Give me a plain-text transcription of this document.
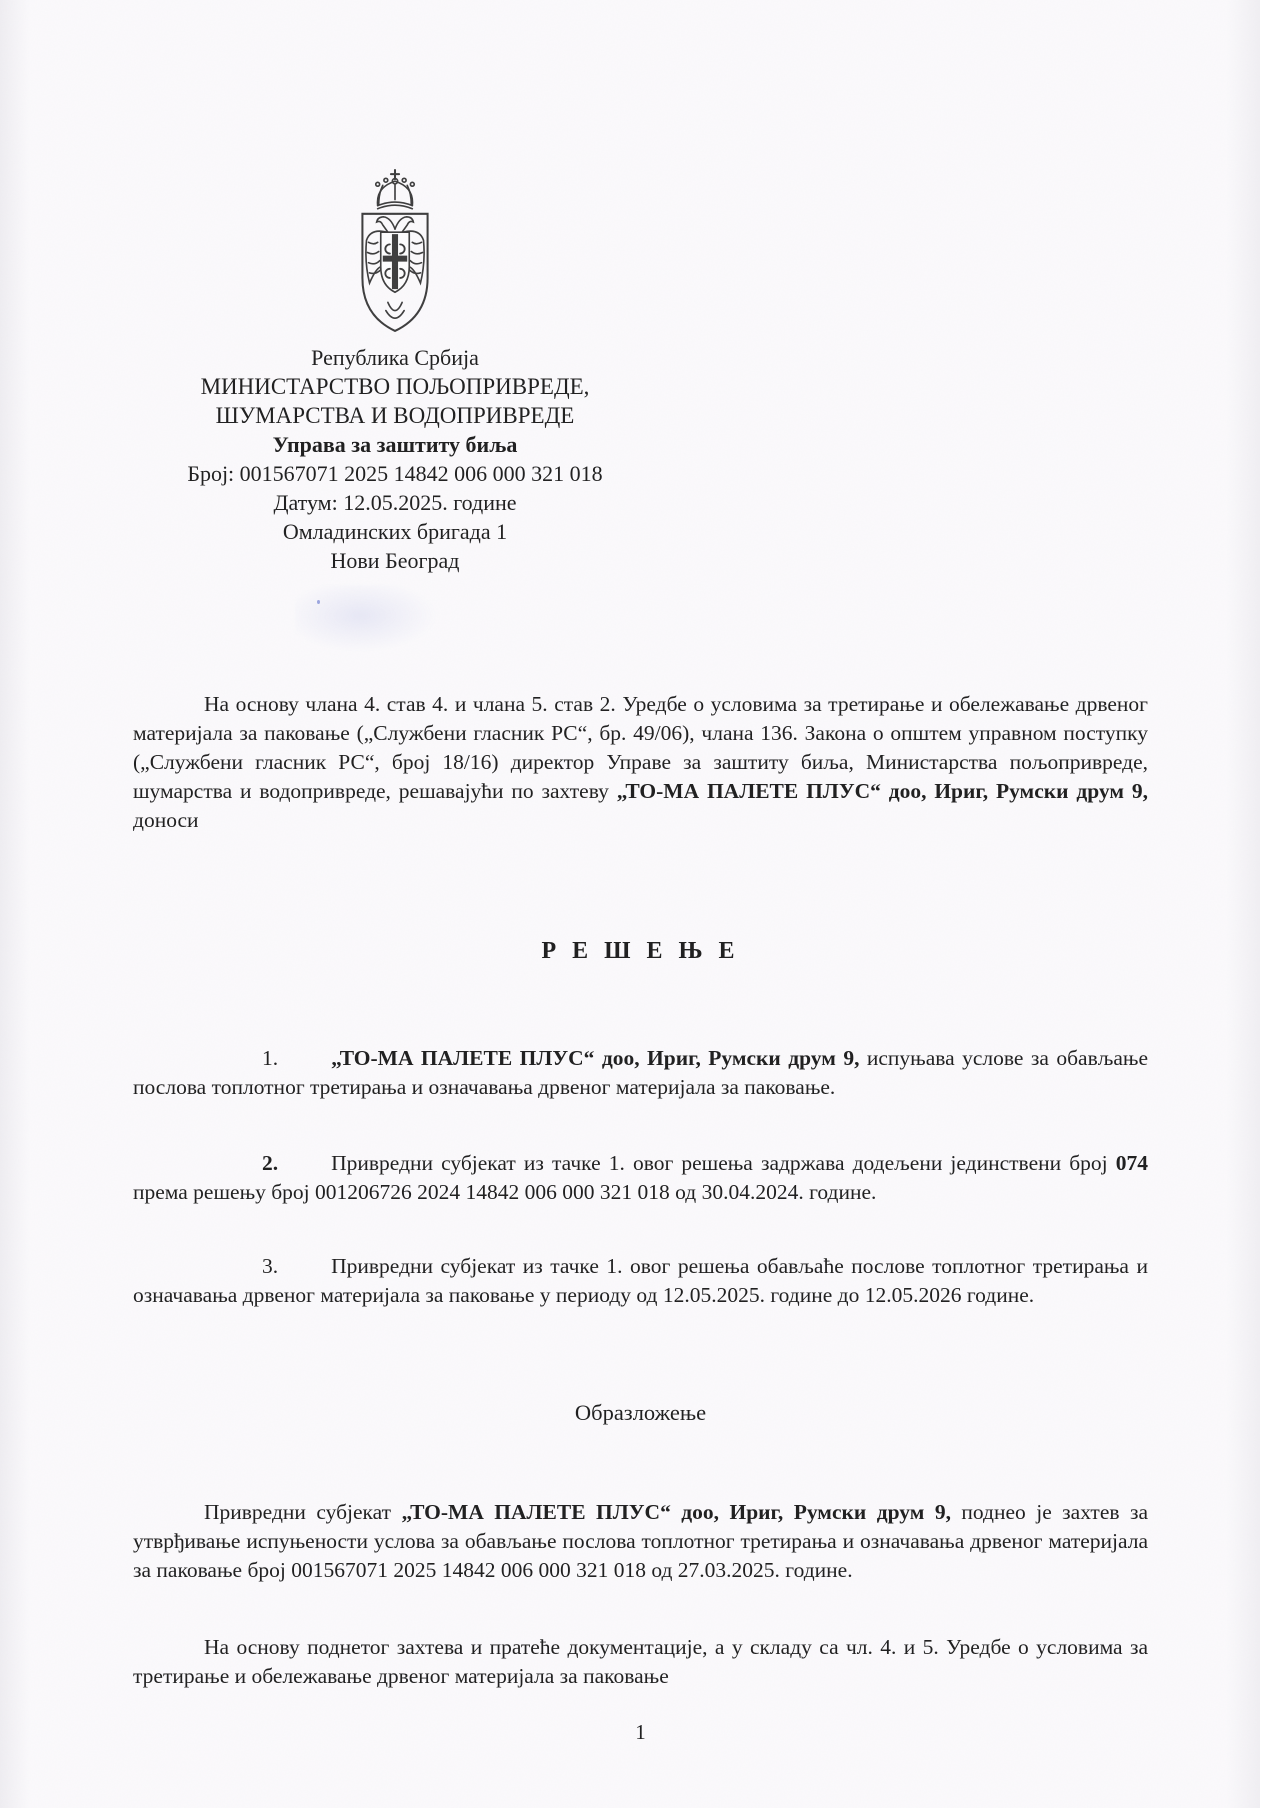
Република Србија
МИНИСТАРСТВО ПОЉОПРИВРЕДЕ,
ШУМАРСТВА И ВОДОПРИВРЕДЕ
Управа за заштиту биља
Број: 001567071 2025 14842 006 000 321 018
Датум: 12.05.2025. године
Омладинских бригада 1
Нови Београд

На основу члана 4. став 4. и члана 5. став 2. Уредбе о условима за третирање и обележавање дрвеног материјала за паковање („Службени гласник РС“, бр. 49/06), члана 136. Закона о општем управном поступку („Службени гласник РС“, број 18/16) директор Управе за заштиту биља, Министарства пољопривреде, шумарства и водопривреде, решавајући по захтеву „ТО-МА ПАЛЕТЕ ПЛУС“ доо, Ириг, Румски друм 9, доноси

Р Е Ш Е Њ Е

1. „ТО-МА ПАЛЕТЕ ПЛУС“ доо, Ириг, Румски друм 9, испуњава услове за обављање послова топлотног третирања и означавања дрвеног материјала за паковање.

2. Привредни субјекат из тачке 1. овог решења задржава додељени јединствени број 074 према решењу број 001206726 2024 14842 006 000 321 018 од 30.04.2024. године.

3. Привредни субјекат из тачке 1. овог решења обављаће послове топлотног третирања и означавања дрвеног материјала за паковање у периоду од 12.05.2025. године до 12.05.2026 године.

Образложење

Привредни субјекат „ТО-МА ПАЛЕТЕ ПЛУС“ доо, Ириг, Румски друм 9, поднео је захтев за утврђивање испуњености услова за обављање послова топлотног третирања и означавања дрвеног материјала за паковање број 001567071 2025 14842 006 000 321 018 од 27.03.2025. године.

На основу поднетог захтева и пратеће документације, а у складу са чл. 4. и 5. Уредбе о условима за третирање и обележавање дрвеног материјала за паковање

1
